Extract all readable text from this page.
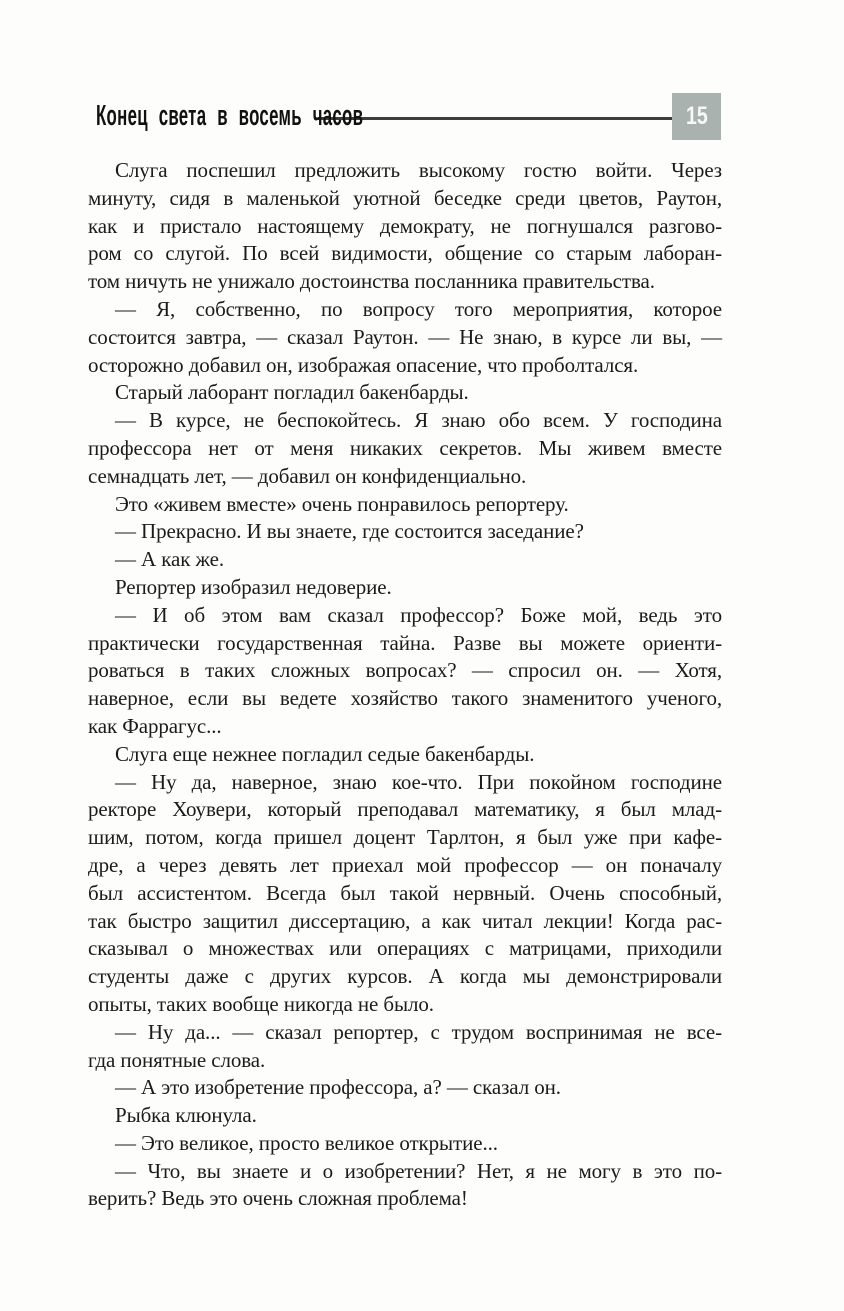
Конец света в восемь часов	15
Слуга поспешил предложить высокому гостю войти. Через
минуту, сидя в маленькой уютной беседке среди цветов, Раутон,
как и пристало настоящему демократу, не погнушался разгово-
ром со слугой. По всей видимости, общение со старым лаборан-
том ничуть не унижало достоинства посланника правительства.
— Я, собственно, по вопросу того мероприятия, которое
состоится завтра, — сказал Раутон. — Не знаю, в курсе ли вы, —
осторожно добавил он, изображая опасение, что проболтался.
Старый лаборант погладил бакенбарды.
— В курсе, не беспокойтесь. Я знаю обо всем. У господина
профессора нет от меня никаких секретов. Мы живем вместе
семнадцать лет, — добавил он конфиденциально.
Это «живем вместе» очень понравилось репортеру.
— Прекрасно. И вы знаете, где состоится заседание?
— А как же.
Репортер изобразил недоверие.
— И об этом вам сказал профессор? Боже мой, ведь это
практически государственная тайна. Разве вы можете ориенти-
роваться в таких сложных вопросах? — спросил он. — Хотя,
наверное, если вы ведете хозяйство такого знаменитого ученого,
как Фаррагус...
Слуга еще нежнее погладил седые бакенбарды.
— Ну да, наверное, знаю кое-что. При покойном господине
ректоре Хоувери, который преподавал математику, я был млад-
шим, потом, когда пришел доцент Тарлтон, я был уже при кафе-
дре, а через девять лет приехал мой профессор — он поначалу
был ассистентом. Всегда был такой нервный. Очень способный,
так быстро защитил диссертацию, а как читал лекции! Когда рас-
сказывал о множествах или операциях с матрицами, приходили
студенты даже с других курсов. А когда мы демонстрировали
опыты, таких вообще никогда не было.
— Ну да... — сказал репортер, с трудом воспринимая не все-
гда понятные слова.
— А это изобретение профессора, а? — сказал он.
Рыбка клюнула.
— Это великое, просто великое открытие...
— Что, вы знаете и о изобретении? Нет, я не могу в это по-
верить? Ведь это очень сложная проблема!
